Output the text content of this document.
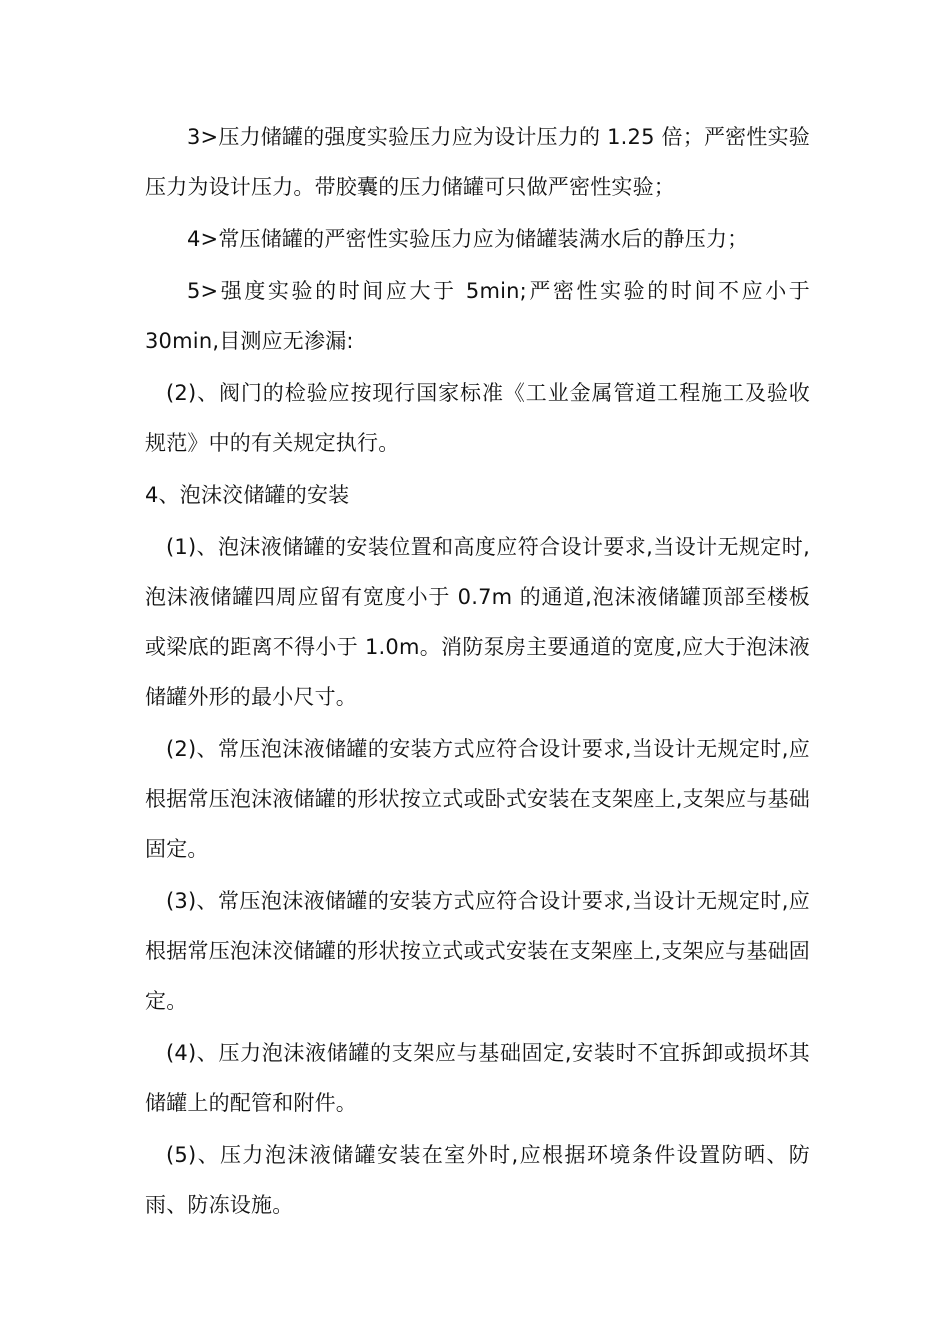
3>压力储罐的强度实验压力应为设计压力的 1.25 倍；严密性实验压力为设计压力。带胶囊的压力储罐可只做严密性实验；

4>常压储罐的严密性实验压力应为储罐装满水后的静压力；

5>强度实验的时间应大于 5min;严密性实验的时间不应小于30min,目测应无渗漏:

(2)、阀门的检验应按现行国家标准《工业金属管道工程施工及验收规范》中的有关规定执行。

4、泡沫洨储罐的安装

(1)、泡沫液储罐的安装位置和高度应符合设计要求,当设计无规定时,泡沫液储罐四周应留有宽度小于 0.7m 的通道,泡沫液储罐顶部至楼板或梁底的距离不得小于 1.0m。消防泵房主要通道的宽度,应大于泡沫液储罐外形的最小尺寸。

(2)、常压泡沫液储罐的安装方式应符合设计要求,当设计无规定时,应根据常压泡沫液储罐的形状按立式或卧式安装在支架座上,支架应与基础固定。

(3)、常压泡沫液储罐的安装方式应符合设计要求,当设计无规定时,应根据常压泡沫洨储罐的形状按立式或式安装在支架座上,支架应与基础固定。

(4)、压力泡沫液储罐的支架应与基础固定,安装时不宜拆卸或损坏其储罐上的配管和附件。

(5)、压力泡沫液储罐安装在室外时,应根据环境条件设置防晒、防雨、防冻设施。
